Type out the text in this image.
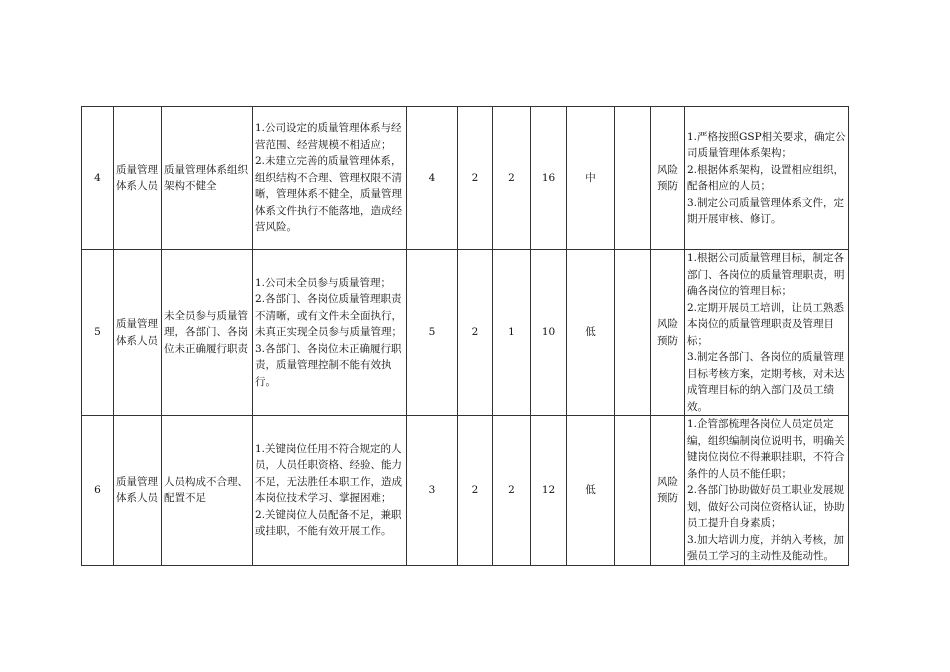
4	质量管理体系人员	质量管理体系组织架构不健全	1.公司设定的质量管理体系与经营范围、经营规模不相适应；
2.未建立完善的质量管理体系，组织结构不合理、管理权限不清晰，管理体系不健全，质量管理体系文件执行不能落地，造成经营风险。	4	2	2	16	中		风险预防	1.严格按照GSP相关要求，确定公司质量管理体系架构；
2.根据体系架构，设置相应组织，配备相应的人员；
3.制定公司质量管理体系文件，定期开展审核、修订。

5	质量管理体系人员	未全员参与质量管理，各部门、各岗位未正确履行职责	1.公司未全员参与质量管理；
2.各部门、各岗位质量管理职责不清晰，或有文件未全面执行，未真正实现全员参与质量管理；
3.各部门、各岗位未正确履行职责，质量管理控制不能有效执行。	5	2	1	10	低		风险预防	1.根据公司质量管理目标，制定各部门、各岗位的质量管理职责，明确各岗位的管理目标；
2.定期开展员工培训，让员工熟悉本岗位的质量管理职责及管理目标；
3.制定各部门、各岗位的质量管理目标考核方案，定期考核，对未达成管理目标的纳入部门及员工绩效。

6	质量管理体系人员	人员构成不合理、配置不足	1.关键岗位任用不符合规定的人员，人员任职资格、经验、能力不足，无法胜任本职工作，造成本岗位技术学习、掌握困难；
2.关键岗位人员配备不足，兼职或挂职，不能有效开展工作。	3	2	2	12	低		风险预防	1.企管部梳理各岗位人员定员定编，组织编制岗位说明书，明确关键岗位岗位不得兼职挂职，不符合条件的人员不能任职；
2.各部门协助做好员工职业发展规划，做好公司岗位资格认证，协助员工提升自身素质；
3.加大培训力度，并纳入考核，加强员工学习的主动性及能动性。
